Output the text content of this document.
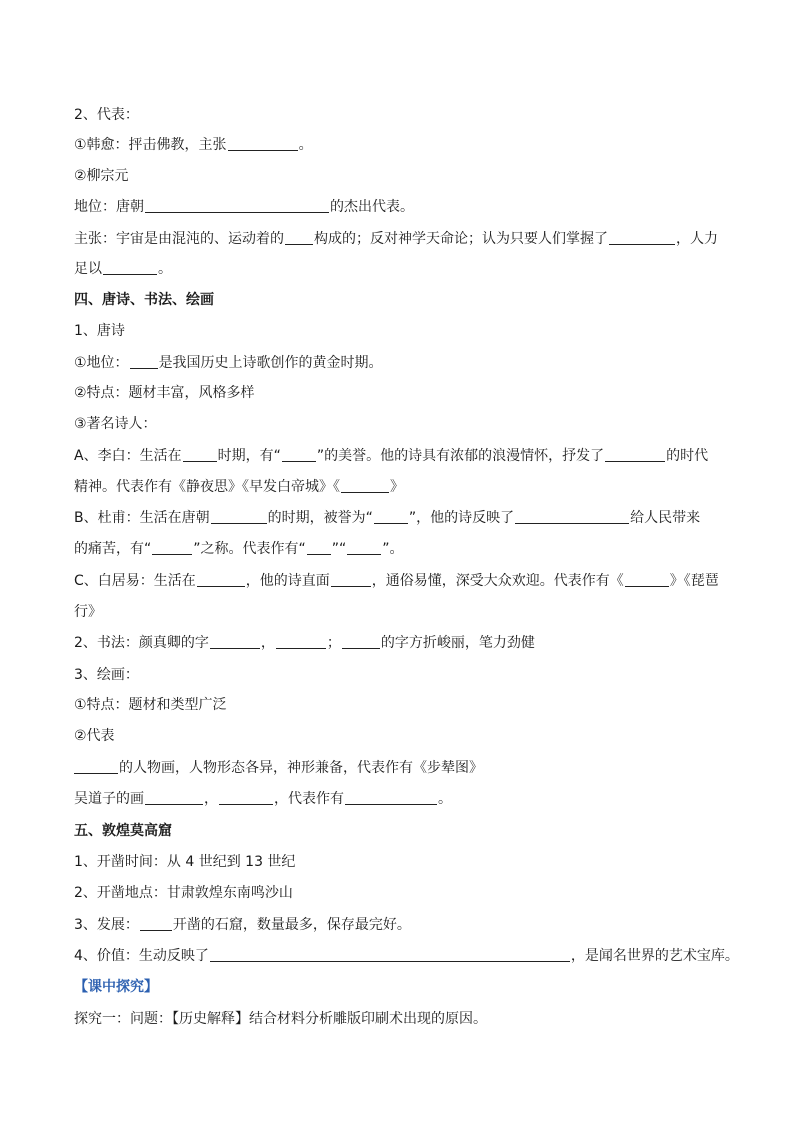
2、代表：
①韩愈：抨击佛教，主张	。
②柳宗元
地位：唐朝	的杰出代表。
主张：宇宙是由混沌的、运动着的 构成的；反对神学天命论；认为只要人们掌握了	，人力
足以	。
四、唐诗、书法、绘画
1、唐诗
①地位： 是我国历史上诗歌创作的黄金时期。
②特点：题材丰富，风格多样
③著名诗人：
A、李白：生活在	时期，有“	”的美誉。他的诗具有浓郁的浪漫情怀，抒发了	的时代
精神。代表作有《静夜思》《早发白帝城》《	》
B、杜甫：生活在唐朝	的时期，被誉为“	”，他的诗反映了	给人民带来
的痛苦，有“	”之称。代表作有“ ”“	”。
C、白居易：生活在	，他的诗直面	，通俗易懂，深受大众欢迎。代表作有《	》《琵琶
行》
2、书法：颜真卿的字	，	；	的字方折峻丽，笔力劲健
3、绘画：
①特点：题材和类型广泛
②代表
的人物画，人物形态各异，神形兼备，代表作有《步辇图》
吴道子的画	，	，代表作有	。
五、敦煌莫高窟
1、开凿时间：从 4 世纪到 13 世纪
2、开凿地点：甘肃敦煌东南鸣沙山
3、发展： 开凿的石窟，数量最多，保存最完好。
4、价值：生动反映了	，是闻名世界的艺术宝库。
【课中探究】
探究一：问题：【历史解释】结合材料分析雕版印刷术出现的原因。
